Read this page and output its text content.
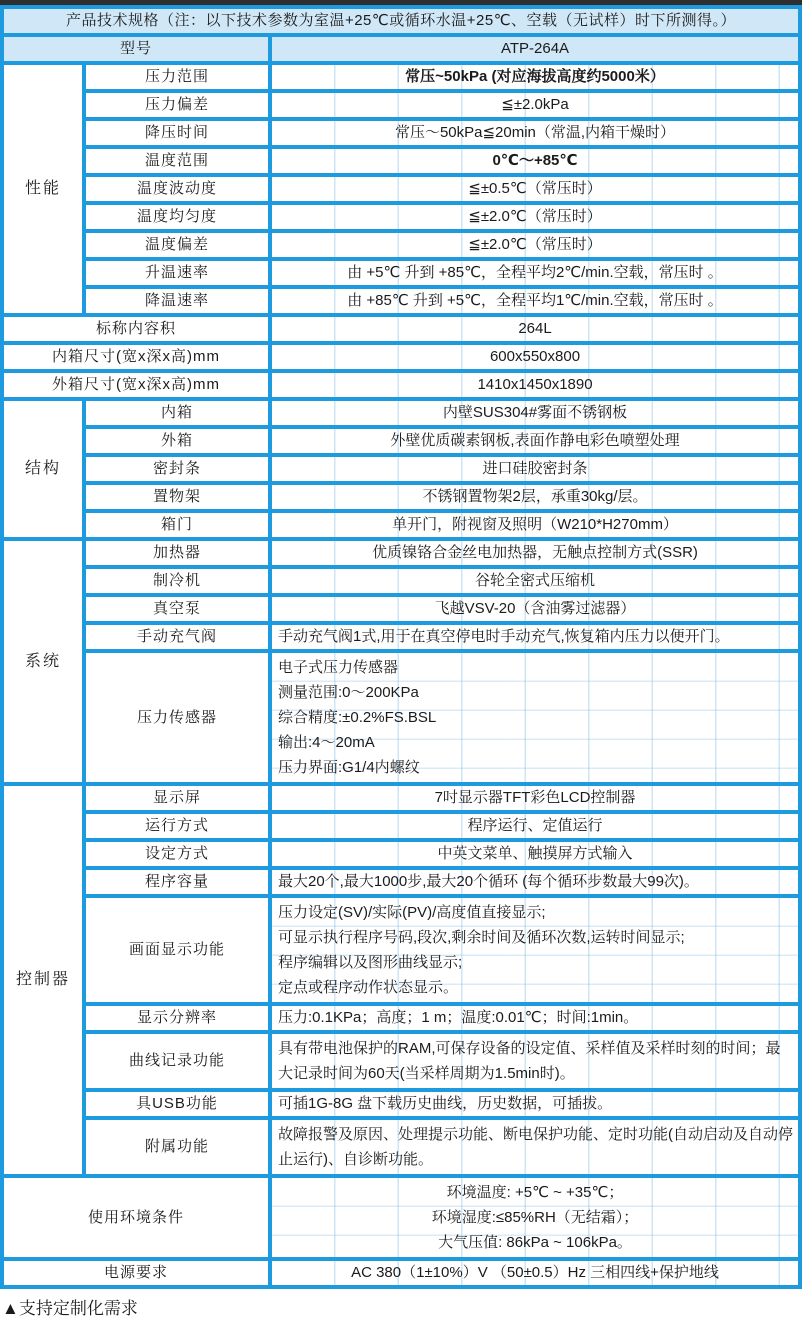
产品技术规格（注：以下技术参数为室温+25℃或循环水温+25℃、空载（无试样）时下所测得。）		
型号		ATP-264A
性能	压力范围	常压~50kPa (对应海拔高度约5000米）
	压力偏差	≦±2.0kPa
	降压时间	常压～50kPa≦20min（常温,内箱干燥时）
	温度范围	0℃～+85℃
	温度波动度	≦±0.5℃（常压时）
	温度均匀度	≦±2.0℃（常压时）
	温度偏差	≦±2.0℃（常压时）
	升温速率	由 +5℃ 升到 +85℃，全程平均2℃/min.空载，常压时 。
	降温速率	由 +85℃ 升到 +5℃，全程平均1℃/min.空载，常压时 。
标称内容积		264L
内箱尺寸(宽x深x高)mm		600x550x800
外箱尺寸(宽x深x高)mm		1410x1450x1890
结构	内箱	内壁SUS304#雾面不锈钢板
	外箱	外壁优质碳素钢板,表面作静电彩色喷塑处理
	密封条	进口硅胶密封条
	置物架	不锈钢置物架2层，承重30kg/层。
	箱门	单开门，附视窗及照明（W210*H270mm）
系统	加热器	优质镍铬合金丝电加热器，无触点控制方式(SSR)
	制冷机	谷轮全密式压缩机
	真空泵	飞越VSV-20（含油雾过滤器）
	手动充气阀	手动充气阀1式,用于在真空停电时手动充气,恢复箱内压力以便开门。
	压力传感器	电子式压力传感器
测量范围:0～200KPa
综合精度:±0.2%FS.BSL
输出:4～20mA
压力界面:G1/4内螺纹

控制器	显示屏	7吋显示器TFT彩色LCD控制器
	运行方式	程序运行、定值运行
	设定方式	中英文菜单、触摸屏方式输入
	程序容量	最大20个,最大1000步,最大20个循环 (每个循环步数最大99次)。
	画面显示功能	压力设定(SV)/实际(PV)/高度值直接显示;
可显示执行程序号码,段次,剩余时间及循环次数,运转时间显示;
程序编辑以及图形曲线显示;
定点或程序动作状态显示。

	显示分辨率	压力:0.1KPa；高度；1 m；温度:0.01℃；时间:1min。
	曲线记录功能	具有带电池保护的RAM,可保存设备的设定值、采样值及采样时刻的时间；最大记录时间为60天(当采样周期为1.5min时)。
	具USB功能	可插1G-8G 盘下载历史曲线，历史数据，可插拔。
	附属功能	故障报警及原因、处理提示功能、断电保护功能、定时功能(自动启动及自动停止运行)、自诊断功能。
使用环境条件		环境温度: +5℃ ~ +35℃；
环境湿度:≤85%RH（无结霜）；
大气压值: 86kPa ~ 106kPa。

电源要求		AC 380（1±10%）V （50±0.5）Hz 三相四线+保护地线
▲支持定制化需求
